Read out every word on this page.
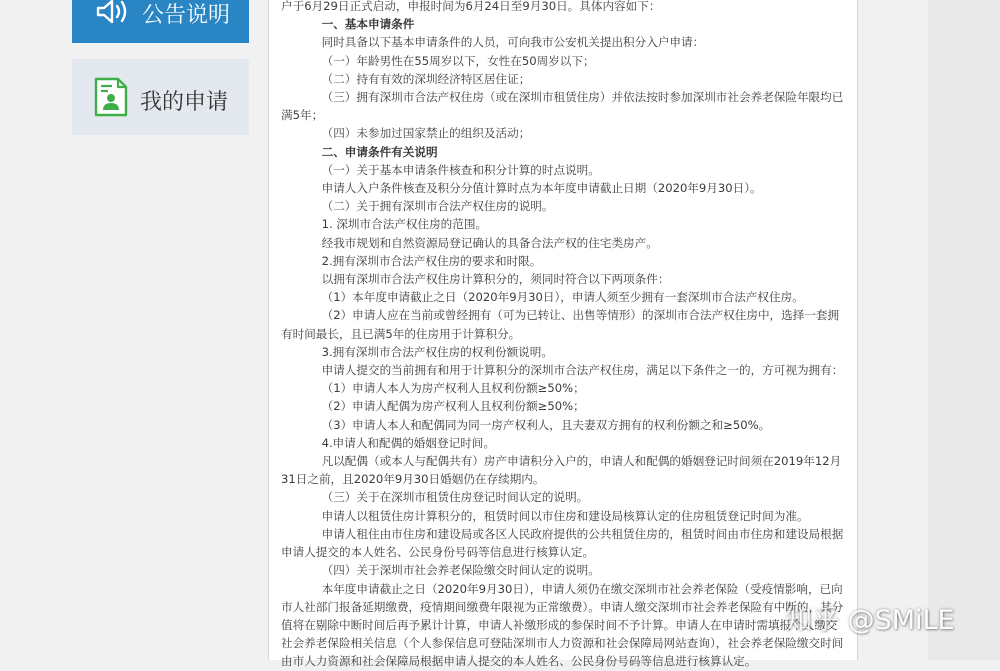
公告说明
我的申请

户于6月29日正式启动，申报时间为6月24日至9月30日。具体内容如下：

一、基本申请条件

同时具备以下基本申请条件的人员，可向我市公安机关提出积分入户申请：

（一）年龄男性在55周岁以下，女性在50周岁以下；

（二）持有有效的深圳经济特区居住证；

（三）拥有深圳市合法产权住房（或在深圳市租赁住房）并依法按时参加深圳市社会养老保险年限均已满5年；

（四）未参加过国家禁止的组织及活动；

二、申请条件有关说明

（一）关于基本申请条件核查和积分计算的时点说明。

申请人入户条件核查及积分分值计算时点为本年度申请截止日期（2020年9月30日）。

（二）关于拥有深圳市合法产权住房的说明。

1. 深圳市合法产权住房的范围。

经我市规划和自然资源局登记确认的具备合法产权的住宅类房产。

2.拥有深圳市合法产权住房的要求和时限。

以拥有深圳市合法产权住房计算积分的，须同时符合以下两项条件：

（1）本年度申请截止之日（2020年9月30日），申请人须至少拥有一套深圳市合法产权住房。

（2）申请人应在当前或曾经拥有（可为已转让、出售等情形）的深圳市合法产权住房中，选择一套拥有时间最长，且已满5年的住房用于计算积分。

3.拥有深圳市合法产权住房的权利份额说明。

申请人提交的当前拥有和用于计算积分的深圳市合法产权住房，满足以下条件之一的，方可视为拥有：

（1）申请人本人为房产权利人且权利份额≥50%；

（2）申请人配偶为房产权利人且权利份额≥50%；

（3）申请人本人和配偶同为同一房产权利人，且夫妻双方拥有的权利份额之和≥50%。

4.申请人和配偶的婚姻登记时间。

凡以配偶（或本人与配偶共有）房产申请积分入户的，申请人和配偶的婚姻登记时间须在2019年12月31日之前，且2020年9月30日婚姻仍在存续期内。

（三）关于在深圳市租赁住房登记时间认定的说明。

申请人以租赁住房计算积分的，租赁时间以市住房和建设局核算认定的住房租赁登记时间为准。

申请人租住由市住房和建设局或各区人民政府提供的公共租赁住房的，租赁时间由市住房和建设局根据申请人提交的本人姓名、公民身份号码等信息进行核算认定。

（四）关于深圳市社会养老保险缴交时间认定的说明。

本年度申请截止之日（2020年9月30日），申请人须仍在缴交深圳市社会养老保险（受疫情影响，已向市人社部门报备延期缴费，疫情期间缴费年限视为正常缴费）。申请人缴交深圳市社会养老保险有中断的，其分值将在剔除中断时间后再予累计计算，申请人补缴形成的参保时间不予计算。申请人在申请时需填报个人缴交社会养老保险相关信息（个人参保信息可登陆深圳市人力资源和社会保障局网站查询），社会养老保险缴交时间由市人力资源和社会保障局根据申请人提交的本人姓名、公民身份号码等信息进行核算认定。

知乎 @SMiLE
